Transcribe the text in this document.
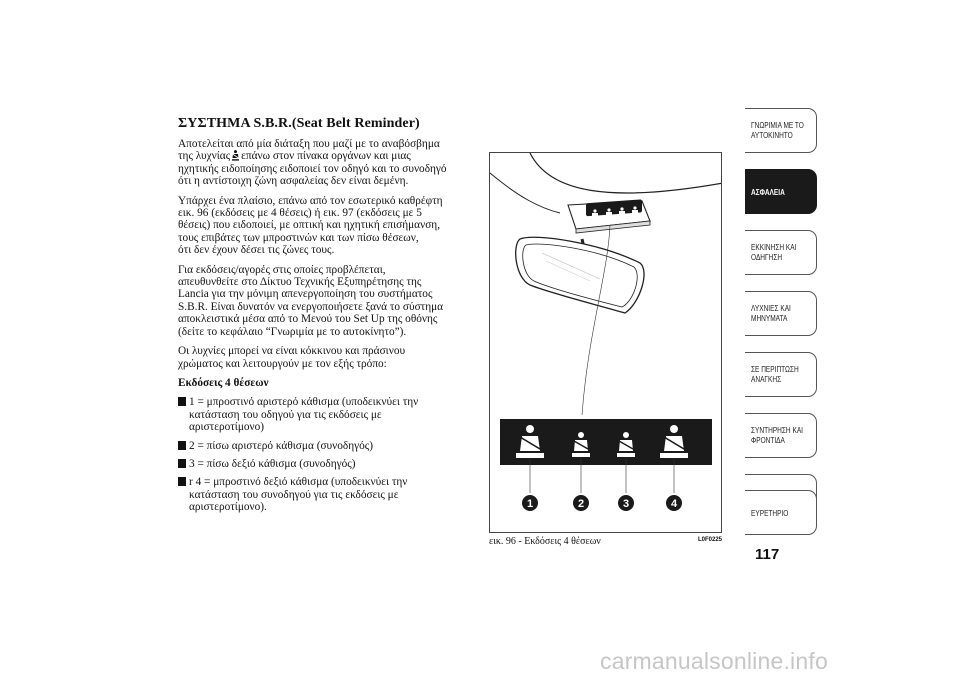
ΣΥΣΤΗΜΑ S.B.R.(Seat Belt Reminder)

Αποτελείται από μία διάταξη που μαζί με το αναβόσβημα
της λυχνίας επάνω στον πίνακα οργάνων και μιας
ηχητικής ειδοποίησης ειδοποιεί τον οδηγό και το συνοδηγό
ότι η αντίστοιχη ζώνη ασφαλείας δεν είναι δεμένη.

Υπάρχει ένα πλαίσιο, επάνω από τον εσωτερικό καθρέφτη
εικ. 96 (εκδόσεις με 4 θέσεις) ή εικ. 97 (εκδόσεις με 5
θέσεις) που ειδοποιεί, με οπτική και ηχητική επισήμανση,
τους επιβάτες των μπροστινών και των πίσω θέσεων,
ότι δεν έχουν δέσει τις ζώνες τους.

Για εκδόσεις/αγορές στις οποίες προβλέπεται,
απευθυνθείτε στο Δίκτυο Τεχνικής Εξυπηρέτησης της
Lancia για την μόνιμη απενεργοποίηση του συστήματος
S.B.R. Είναι δυνατόν να ενεργοποιήσετε ξανά το σύστημα
αποκλειστικά μέσα από το Μενού του Set Up της οθόνης
(δείτε το κεφάλαιο “Γνωριμία με το αυτοκίνητο”).

Οι λυχνίες μπορεί να είναι κόκκινου και πράσινου
χρώματος και λειτουργούν με τον εξής τρόπο:

Εκδόσεις 4 θέσεων
1 = μπροστινό αριστερό κάθισμα (υποδεικνύει την
κατάσταση του οδηγού για τις εκδόσεις με
αριστεροτίμονο)
2 = πίσω αριστερό κάθισμα (συνοδηγός)
3 = πίσω δεξιό κάθισμα (συνοδηγός)
r 4 = μπροστινό δεξιό κάθισμα (υποδεικνύει την
κατάσταση του συνοδηγού για τις εκδόσεις με
αριστεροτίμονο).	1	2	3	4
εικ. 96 - Εκδόσεις 4 θέσεων	L0F0225
ΓΝΩΡΙΜΙΑ ΜΕ ΤΟ
ΑΥΤΟΚΙΝΗΤΟ
ΑΣΦΑΛΕΙΑ
ΕΚΚΙΝΗΣΗ ΚΑΙ
ΟΔΗΓΗΣΗ
ΛΥΧΝΙΕΣ ΚΑΙ
ΜΗΝΥΜΑΤΑ
ΣΕ ΠΕΡΙΠΤΩΣΗ
ΑΝΑΓΚΗΣ
ΣΥΝΤΗΡΗΣΗ ΚΑΙ
ΦΡΟΝΤΙΔΑ
ΕΥΡΕΤΗΡΙΟ
117
carmanualsonline.info
